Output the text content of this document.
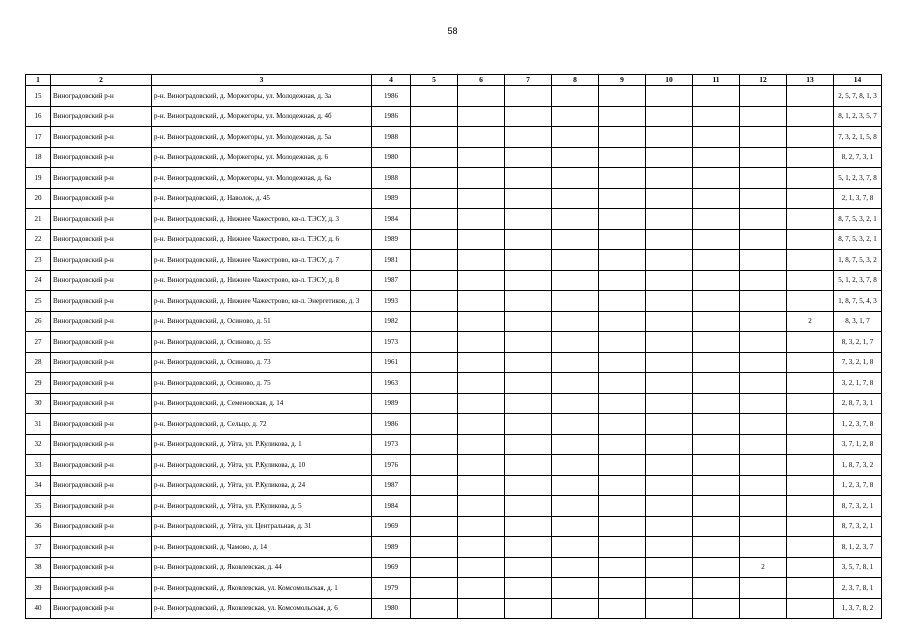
58
1	2	3	4	5	6	7	8	9	10	11	12	13	14
15	Виноградовский р-н	р-н. Виноградовский, д. Моржегоры, ул. Молодежная, д. 3а	1986										2, 5, 7, 8, 1, 3
16	Виноградовский р-н	р-н. Виноградовский, д. Моржегоры, ул. Молодежная, д. 4б	1986										8, 1, 2, 3, 5, 7
17	Виноградовский р-н	р-н. Виноградовский, д. Моржегоры, ул. Молодежная, д. 5а	1988										7, 3, 2, 1, 5, 8
18	Виноградовский р-н	р-н. Виноградовский, д. Моржегоры, ул. Молодежная, д. 6	1980										8, 2, 7, 3, 1
19	Виноградовский р-н	р-н. Виноградовский, д. Моржегоры, ул. Молодежная, д. 6а	1988										5, 1, 2, 3, 7, 8
20	Виноградовский р-н	р-н. Виноградовский, д. Наволок, д. 45	1989										2, 1, 3, 7, 8
21	Виноградовский р-н	р-н. Виноградовский, д. Нижнее Чажестрово, кв-л. ТЭСУ, д. 3	1984										8, 7, 5, 3, 2, 1
22	Виноградовский р-н	р-н. Виноградовский, д. Нижнее Чажестрово, кв-л. ТЭСУ, д. 6	1989										8, 7, 5, 3, 2, 1
23	Виноградовский р-н	р-н. Виноградовский, д. Нижнее Чажестрово, кв-л. ТЭСУ, д. 7	1981										1, 8, 7, 5, 3, 2
24	Виноградовский р-н	р-н. Виноградовский, д. Нижнее Чажестрово, кв-л. ТЭСУ, д. 8	1987										5, 1, 2, 3, 7, 8
25	Виноградовский р-н	р-н. Виноградовский, д. Нижнее Чажестрово, кв-л. Энергетиков, д. 3	1993										1, 8, 7, 5, 4, 3
26	Виноградовский р-н	р-н. Виноградовский, д. Осиново, д. 51	1982									2	8, 3, 1, 7
27	Виноградовский р-н	р-н. Виноградовский, д. Осиново, д. 55	1973										8, 3, 2, 1, 7
28	Виноградовский р-н	р-н. Виноградовский, д. Осиново, д. 73	1961										7, 3, 2, 1, 8
29	Виноградовский р-н	р-н. Виноградовский, д. Осиново, д. 75	1963										3, 2, 1, 7, 8
30	Виноградовский р-н	р-н. Виноградовский, д. Семеновская, д. 14	1989										2, 8, 7, 3, 1
31	Виноградовский р-н	р-н. Виноградовский, д. Сельцо, д. 72	1986										1, 2, 3, 7, 8
32	Виноградовский р-н	р-н. Виноградовский, д. Уйта, ул. Р.Куликова, д. 1	1973										3, 7, 1, 2, 8
33	Виноградовский р-н	р-н. Виноградовский, д. Уйта, ул. Р.Куликова, д. 10	1976										1, 8, 7, 3, 2
34	Виноградовский р-н	р-н. Виноградовский, д. Уйта, ул. Р.Куликова, д. 24	1987										1, 2, 3, 7, 8
35	Виноградовский р-н	р-н. Виноградовский, д. Уйта, ул. Р.Куликова, д. 5	1984										8, 7, 3, 2, 1
36	Виноградовский р-н	р-н. Виноградовский, д. Уйта, ул. Центральная, д. 31	1969										8, 7, 3, 2, 1
37	Виноградовский р-н	р-н. Виноградовский, д. Чамово, д. 14	1989										8, 1, 2, 3, 7
38	Виноградовский р-н	р-н. Виноградовский, д. Яковлевская, д. 44	1969								2		3, 5, 7, 8, 1
39	Виноградовский р-н	р-н. Виноградовский, д. Яковлевская, ул. Комсомольская, д. 1	1979										2, 3, 7, 8, 1
40	Виноградовский р-н	р-н. Виноградовский, д. Яковлевская, ул. Комсомольская, д. 6	1980										1, 3, 7, 8, 2
